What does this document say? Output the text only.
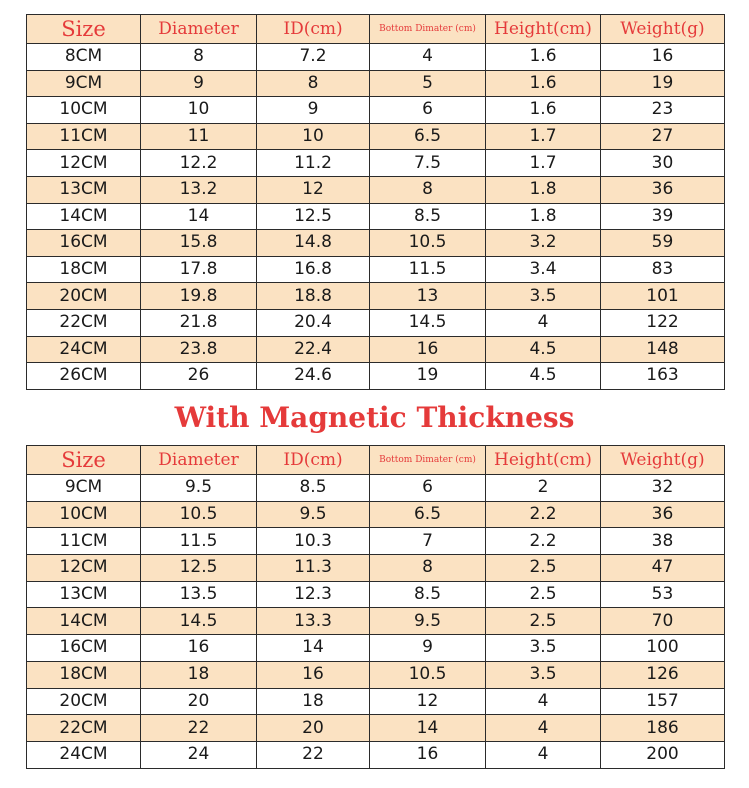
Size	Diameter	ID(cm)	Bottom Dimater (cm)	Height(cm)	Weight(g)
8CM	8	7.2	4	1.6	16
9CM	9	8	5	1.6	19
10CM	10	9	6	1.6	23
11CM	11	10	6.5	1.7	27
12CM	12.2	11.2	7.5	1.7	30
13CM	13.2	12	8	1.8	36
14CM	14	12.5	8.5	1.8	39
16CM	15.8	14.8	10.5	3.2	59
18CM	17.8	16.8	11.5	3.4	83
20CM	19.8	18.8	13	3.5	101
22CM	21.8	20.4	14.5	4	122
24CM	23.8	22.4	16	4.5	148
26CM	26	24.6	19	4.5	163
With Magnetic Thickness
Size	Diameter	ID(cm)	Bottom Dimater (cm)	Height(cm)	Weight(g)
9CM	9.5	8.5	6	2	32
10CM	10.5	9.5	6.5	2.2	36
11CM	11.5	10.3	7	2.2	38
12CM	12.5	11.3	8	2.5	47
13CM	13.5	12.3	8.5	2.5	53
14CM	14.5	13.3	9.5	2.5	70
16CM	16	14	9	3.5	100
18CM	18	16	10.5	3.5	126
20CM	20	18	12	4	157
22CM	22	20	14	4	186
24CM	24	22	16	4	200
